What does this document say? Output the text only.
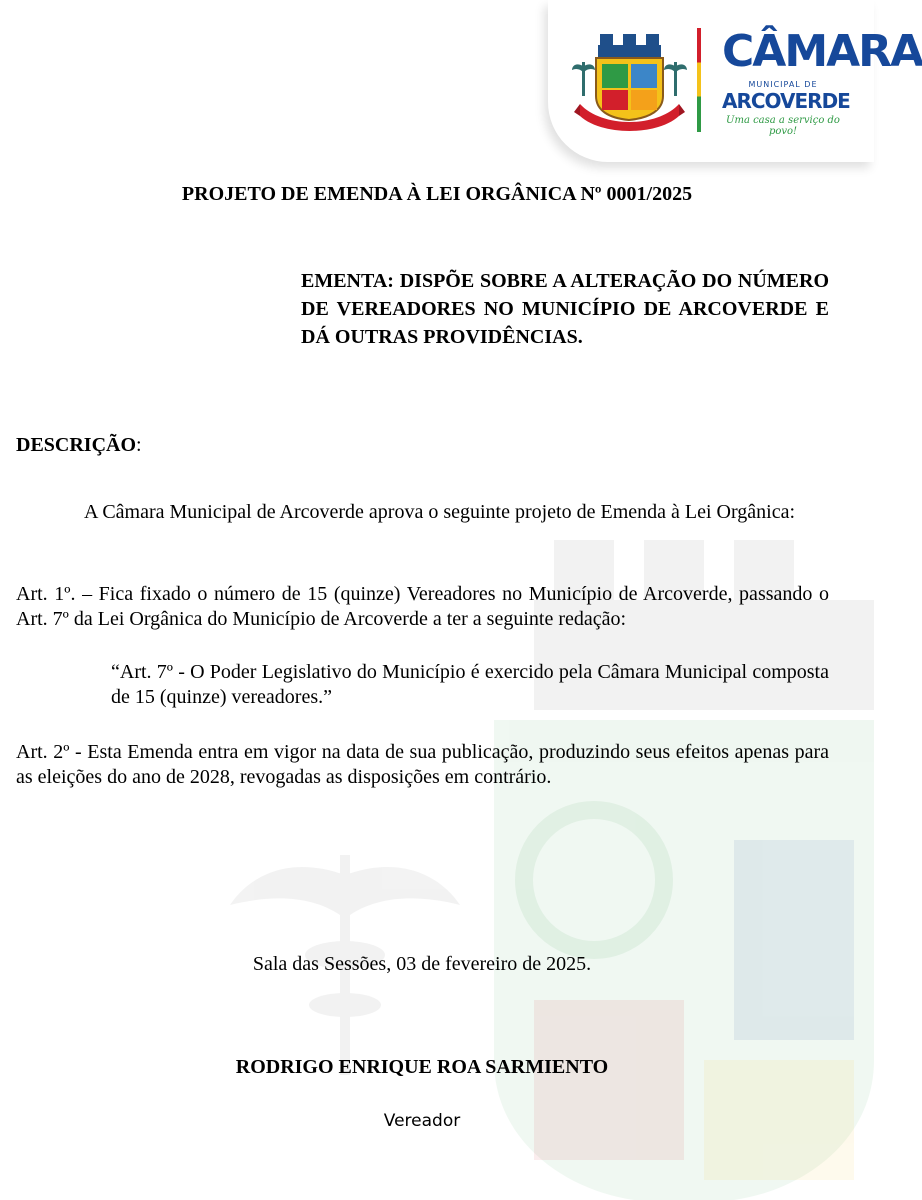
CÂMARA
MUNICIPAL DE
ARCOVERDE
Uma casa a serviço do povo!
PROJETO DE EMENDA À LEI ORGÂNICA Nº 0001/2025
EMENTA: DISPÕE SOBRE A ALTERAÇÃO DO NÚMERO DE VEREADORES NO MUNICÍPIO DE ARCOVERDE E DÁ OUTRAS PROVIDÊNCIAS.
DESCRIÇÃO:
A Câmara Municipal de Arcoverde aprova o seguinte projeto de Emenda à Lei Orgânica:
Art. 1º. – Fica fixado o número de 15 (quinze) Vereadores no Município de Arcoverde, passando o Art. 7º da Lei Orgânica do Município de Arcoverde a ter a seguinte redação:
“Art. 7º - O Poder Legislativo do Município é exercido pela Câmara Municipal composta de 15 (quinze) vereadores.”
Art. 2º - Esta Emenda entra em vigor na data de sua publicação, produzindo seus efeitos apenas para as eleições do ano de 2028, revogadas as disposições em contrário.
Sala das Sessões, 03 de fevereiro de 2025.
RODRIGO ENRIQUE ROA SARMIENTO
Vereador
